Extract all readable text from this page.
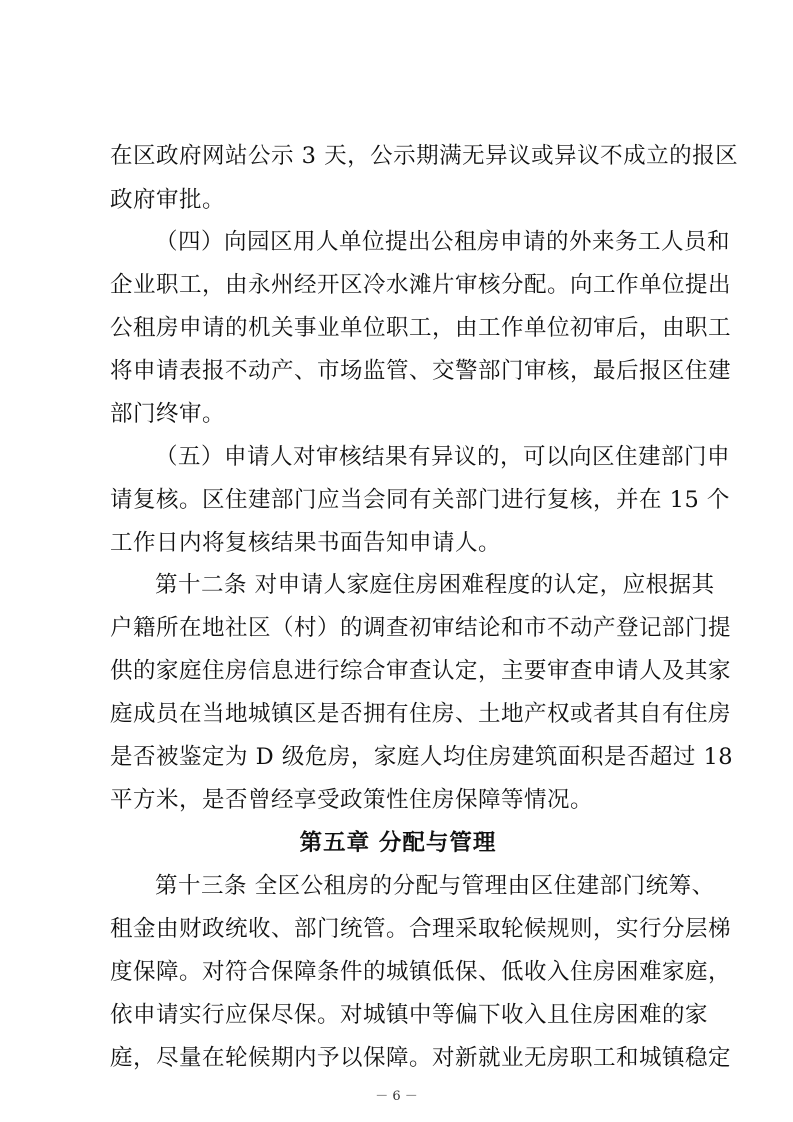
在区政府网站公示 3 天，公示期满无异议或异议不成立的报区
政府审批。
（四）向园区用人单位提出公租房申请的外来务工人员和
企业职工，由永州经开区冷水滩片审核分配。向工作单位提出
公租房申请的机关事业单位职工，由工作单位初审后，由职工
将申请表报不动产、市场监管、交警部门审核，最后报区住建
部门终审。
（五）申请人对审核结果有异议的，可以向区住建部门申
请复核。区住建部门应当会同有关部门进行复核，并在 15 个
工作日内将复核结果书面告知申请人。
第十二条 对申请人家庭住房困难程度的认定，应根据其
户籍所在地社区（村）的调查初审结论和市不动产登记部门提
供的家庭住房信息进行综合审查认定，主要审查申请人及其家
庭成员在当地城镇区是否拥有住房、土地产权或者其自有住房
是否被鉴定为 D 级危房，家庭人均住房建筑面积是否超过 18
平方米，是否曾经享受政策性住房保障等情况。
第五章 分配与管理
第十三条 全区公租房的分配与管理由区住建部门统筹、
租金由财政统收、部门统管。合理采取轮候规则，实行分层梯
度保障。对符合保障条件的城镇低保、低收入住房困难家庭，
依申请实行应保尽保。对城镇中等偏下收入且住房困难的家
庭，尽量在轮候期内予以保障。对新就业无房职工和城镇稳定
－ 6 －
